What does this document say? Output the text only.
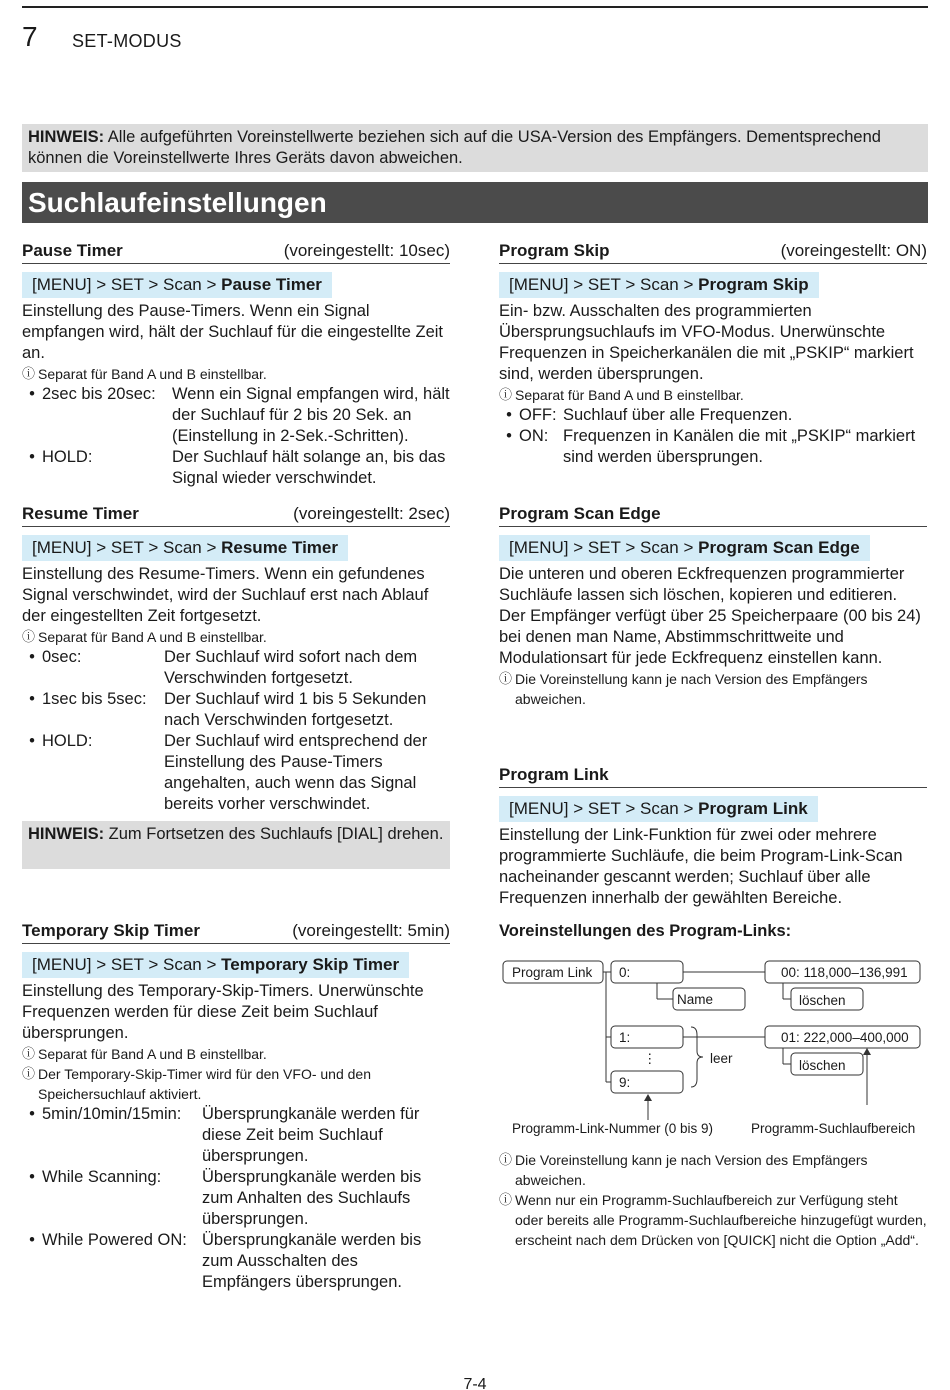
7 SET-MODUS
HINWEIS: Alle aufgeführten Voreinstellwerte beziehen sich auf die USA-Version des Empfängers. Dementsprechend können die Voreinstellwerte Ihres Geräts davon abweichen.
Suchlaufeinstellungen
Pause Timer	(voreingestellt: 10sec)
[MENU] > SET > Scan > Pause Timer
Einstellung des Pause-Timers. Wenn ein Signal empfangen wird, hält der Suchlauf für die eingestellte Zeit an.
ⓘ Separat für Band A und B einstellbar.
• 2sec bis 20sec: Wenn ein Signal empfangen wird, hält der Suchlauf für 2 bis 20 Sek. an (Einstellung in 2-Sek.-Schritten).
• HOLD:	Der Suchlauf hält solange an, bis das Signal wieder verschwindet.
Resume Timer	(voreingestellt: 2sec)
[MENU] > SET > Scan > Resume Timer
Einstellung des Resume-Timers. Wenn ein gefundenes Signal verschwindet, wird der Suchlauf erst nach Ablauf der eingestellten Zeit fortgesetzt.
ⓘ Separat für Band A und B einstellbar.
• 0sec:	Der Suchlauf wird sofort nach dem Verschwinden fortgesetzt.
• 1sec bis 5sec:	Der Suchlauf wird 1 bis 5 Sekunden nach Verschwinden fortgesetzt.
• HOLD:	Der Suchlauf wird entsprechend der Einstellung des Pause-Timers angehalten, auch wenn das Signal bereits vorher verschwindet.
HINWEIS: Zum Fortsetzen des Suchlaufs [DIAL] drehen.
Temporary Skip Timer	(voreingestellt: 5min)
[MENU] > SET > Scan > Temporary Skip Timer
Einstellung des Temporary-Skip-Timers. Unerwünschte Frequenzen werden für diese Zeit beim Suchlauf übersprungen.
ⓘ Separat für Band A und B einstellbar.
ⓘ Der Temporary-Skip-Timer wird für den VFO- und den Speichersuchlauf aktiviert.
• 5min/10min/15min:	Übersprungkanäle werden für diese Zeit beim Suchlauf übersprungen.
• While Scanning:	Übersprungkanäle werden bis zum Anhalten des Suchlaufs übersprungen.
• While Powered ON: Übersprungkanäle werden bis zum Ausschalten des Empfängers übersprungen.
Program Skip	(voreingestellt: ON)
[MENU] > SET > Scan > Program Skip
Ein- bzw. Ausschalten des programmierten Übersprungsuchlaufs im VFO-Modus. Unerwünschte Frequenzen in Speicherkanälen die mit „PSKIP“ markiert sind, werden übersprungen.
ⓘ Separat für Band A und B einstellbar.
• OFF: Suchlauf über alle Frequenzen.
• ON: Frequenzen in Kanälen die mit „PSKIP“ markiert sind werden übersprungen.
Program Scan Edge
[MENU] > SET > Scan > Program Scan Edge
Die unteren und oberen Eckfrequenzen programmierter Suchläufe lassen sich löschen, kopieren und editieren.
Der Empfänger verfügt über 25 Speicherpaare (00 bis 24) bei denen man Name, Abstimmschrittweite und Modulationsart für jede Eckfrequenz einstellen kann.
ⓘ Die Voreinstellung kann je nach Version des Empfängers abweichen.
Program Link
[MENU] > SET > Scan > Program Link
Einstellung der Link-Funktion für zwei oder mehrere programmierte Suchläufe, die beim Program-Link-Scan nacheinander gescannt werden; Suchlauf über alle Frequenzen innerhalb der gewählten Bereiche.
Voreinstellungen des Program-Links:
Program Link 0:
Name
1:
⋮
9:
leer
00: 118,000–136,991
löschen
01: 222,000–400,000
löschen
Programm-Link-Nummer (0 bis 9)	Programm-Suchlaufbereich
ⓘ Die Voreinstellung kann je nach Version des Empfängers abweichen.
ⓘ Wenn nur ein Programm-Suchlaufbereich zur Verfügung steht oder bereits alle Programm-Suchlaufbereiche hinzugefügt wurden, erscheint nach dem Drücken von [QUICK] nicht die Option „Add“.
7-4
